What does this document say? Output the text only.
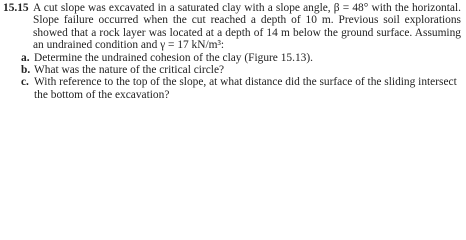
15.15 A cut slope was excavated in a saturated clay with a slope angle, β = 48° with the horizontal. Slope failure occurred when the cut reached a depth of 10 m. Previous soil explorations showed that a rock layer was located at a depth of 14 m below the ground surface. Assuming an undrained condition and γ = 17 kN/m³:
a. Determine the undrained cohesion of the clay (Figure 15.13).
b. What was the nature of the critical circle?
c. With reference to the top of the slope, at what distance did the surface of the sliding intersect the bottom of the excavation?
